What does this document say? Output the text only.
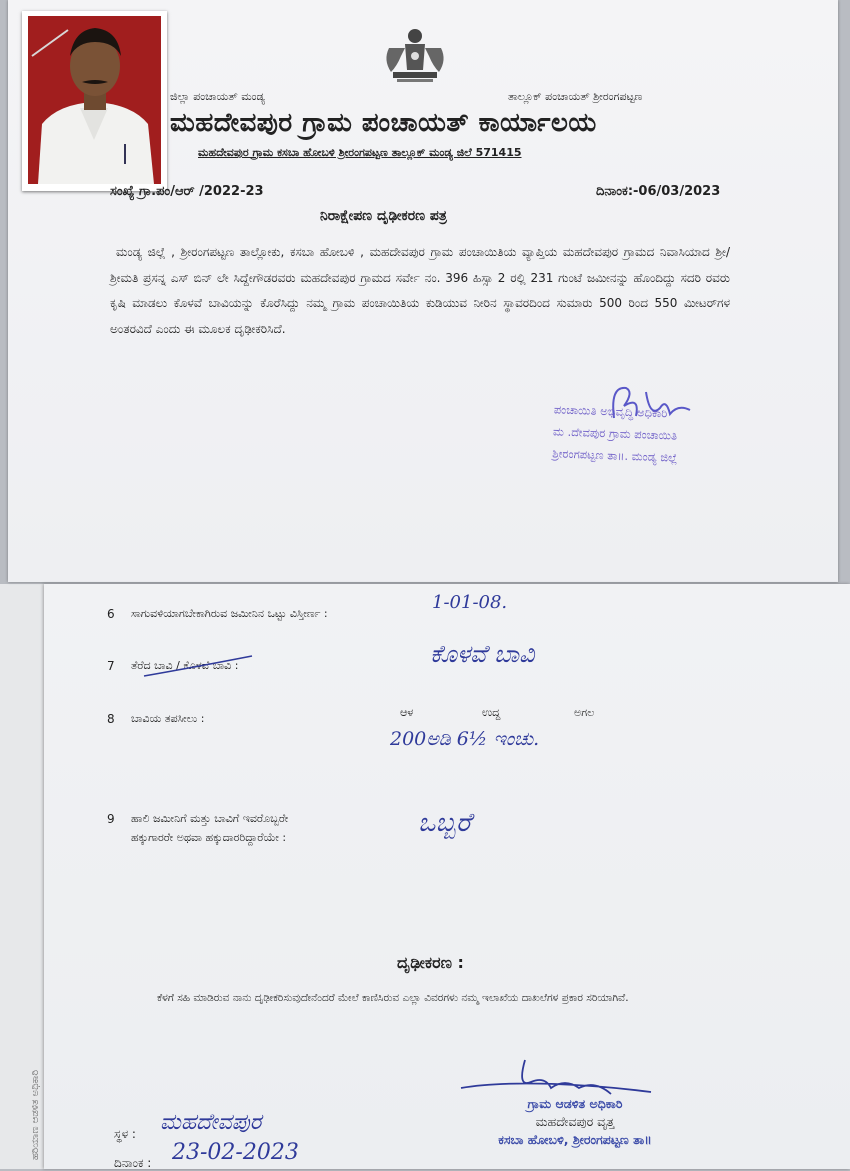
ಹರಿಯಾಣ ಆಡಳಿತ ಅಧಿಕಾರಿ
ಜಿಲ್ಲಾ ಪಂಚಾಯತ್ ಮಂಡ್ಯ	ತಾಲ್ಲೂಕ್ ಪಂಚಾಯತ್ ಶ್ರೀರಂಗಪಟ್ಟಣ
ಮಹದೇವಪುರ ಗ್ರಾಮ ಪಂಚಾಯತ್ ಕಾರ್ಯಾಲಯ
ಮಹದೇವಪುರ ಗ್ರಾಮ ಕಸಬಾ ಹೋಬಳಿ ಶ್ರೀರಂಗಪಟ್ಟಣ ತಾಲ್ಲೂಕ್ ಮಂಡ್ಯ ಜಿಲೆ 571415
ಸಂಖ್ಯೆ ಗ್ರಾ.ಪಂ/ಆರ್ /2022-23	ದಿನಾಂಕ:-06/03/2023
ನಿರಾಕ್ಷೇಪಣ ದೃಢೀಕರಣ ಪತ್ರ
ಮಂಡ್ಯ ಜಿಲ್ಲೆ , ಶ್ರೀರಂಗಪಟ್ಟಣ ತಾಲ್ಲೋಕು, ಕಸಬಾ ಹೋಬಳಿ , ಮಹದೇವಪುರ ಗ್ರಾಮ ಪಂಚಾಯಿತಿಯ ವ್ಯಾಪ್ತಿಯ ಮಹದೇವಪುರ ಗ್ರಾಮದ ನಿವಾಸಿಯಾದ ಶ್ರೀ/ಶ್ರೀಮತಿ ಪ್ರಸನ್ನ ಎಸ್ ಬಿನ್ ಲೇ ಸಿದ್ದೇಗೌಡರವರು ಮಹದೇವಪುರ ಗ್ರಾಮದ ಸರ್ವೇ ನಂ. 396 ಹಿಸ್ಸಾ 2 ರಲ್ಲಿ 231 ಗುಂಟೆ ಜಮೀನನ್ನು ಹೊಂದಿದ್ದು ಸದರಿ ರವರು ಕೃಷಿ ಮಾಡಲು ಕೊಳವೆ ಬಾವಿಯನ್ನು ಕೊರೆಸಿದ್ದು ನಮ್ಮ ಗ್ರಾಮ ಪಂಚಾಯಿತಿಯ ಕುಡಿಯುವ ನೀರಿನ ಸ್ಥಾವರದಿಂದ ಸುಮಾರು 500 ರಿಂದ 550 ಮೀಟರ್‌ಗಳ ಅಂತರವಿದೆ ಎಂದು ಈ ಮೂಲಕ ದೃಢೀಕರಿಸಿದೆ.
ಪಂಚಾಯಿತಿ ಅಭಿವೃದ್ಧಿ ಅಧಿಕಾರಿ
ಮ .ದೇವಪುರ ಗ್ರಾಮ ಪಂಚಾಯಿತಿ
ಶ್ರೀರಂಗಪಟ್ಟಣ ತಾ॥. ಮಂಡ್ಯ ಜಿಲ್ಲೆ
6 ಸಾಗುವಳಿಯಾಗಬೇಕಾಗಿರುವ ಜಮೀನಿನ ಒಟ್ಟು ವಿಸ್ತೀರ್ಣ :
1-01-08.
7 ತೆರೆದ ಬಾವಿ / ಕೊಳವೆ ಬಾವಿ :	ಕೊಳವೆ ಬಾವಿ
8 ಬಾವಿಯ ತಪಸೀಲು :	ಆಳ	ಉದ್ದ	ಅಗಲ
200ಅಡಿ 6½ ಇಂಚು.
9 ಹಾಲಿ ಜಮೀನಿಗೆ ಮತ್ತು ಬಾವಿಗೆ ಇವರೊಬ್ಬರೇ
ಹಕ್ಕುಗಾರರೇ ಅಥವಾ ಹಕ್ಕುದಾರರಿದ್ದಾರೆಯೇ :	ಒಬ್ಬರೆ
ದೃಢೀಕರಣ :
ಕೆಳಗೆ ಸಹಿ ಮಾಡಿರುವ ನಾನು ದೃಢೀಕರಿಸುವುದೇನೆಂದರೆ ಮೇಲೆ ಕಾಣಿಸಿರುವ ಎಲ್ಲಾ ವಿವರಗಳು ನಮ್ಮ ಇಲಾಖೆಯ ದಾಖಲೆಗಳ ಪ್ರಕಾರ ಸರಿಯಾಗಿವೆ.
ಸ್ಥಳ : ಮಹದೇವಪುರ
ದಿನಾಂಕ : 23-02-2023
ಗ್ರಾಮ ಆಡಳಿತ ಅಧಿಕಾರಿ
ಮಹದೇವಪುರ ವೃತ್ತ
ಕಸಬಾ ಹೋಬಳಿ, ಶ್ರೀರಂಗಪಟ್ಟಣ ತಾ॥
